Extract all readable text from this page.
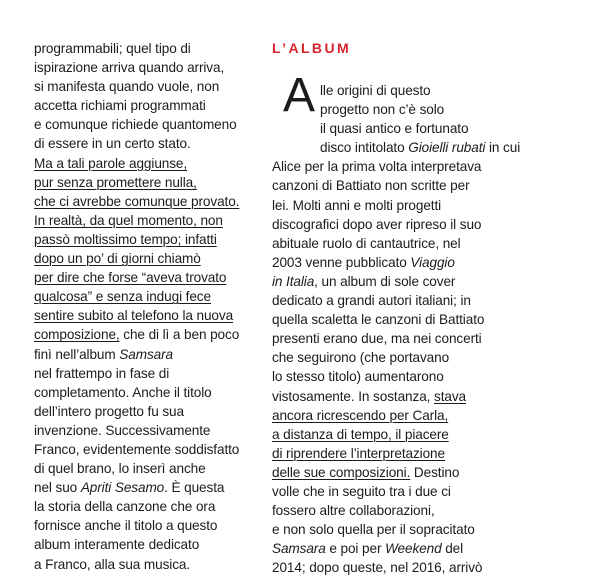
programmabili; quel tipo di
ispirazione arriva quando arriva,
si manifesta quando vuole, non
accetta richiami programmati
e comunque richiede quantomeno
di essere in un certo stato.
Ma a tali parole aggiunse,
pur senza promettere nulla,
che ci avrebbe comunque provato.
In realtà, da quel momento, non
passò moltissimo tempo; infatti
dopo un po’ di giorni chiamò
per dire che forse “aveva trovato
qualcosa” e senza indugi fece
sentire subito al telefono la nuova
composizione, che di lì a ben poco
finì nell’album Samsara
nel frattempo in fase di
completamento. Anche il titolo
dell’intero progetto fu sua
invenzione. Successivamente
Franco, evidentemente soddisfatto
di quel brano, lo inserì anche
nel suo Apriti Sesamo. È questa
la storia della canzone che ora
fornisce anche il titolo a questo
album interamente dedicato
a Franco, alla sua musica.
L’ALBUM
A lle origini di questo
progetto non c’è solo
il quasi antico e fortunato
disco intitolato Gioielli rubati in cui
Alice per la prima volta interpretava
canzoni di Battiato non scritte per
lei. Molti anni e molti progetti
discografici dopo aver ripreso il suo
abituale ruolo di cantautrice, nel
2003 venne pubblicato Viaggio
in Italia, un album di sole cover
dedicato a grandi autori italiani; in
quella scaletta le canzoni di Battiato
presenti erano due, ma nei concerti
che seguirono (che portavano
lo stesso titolo) aumentarono
vistosamente. In sostanza, stava
ancora ricrescendo per Carla,
a distanza di tempo, il piacere
di riprendere l’interpretazione
delle sue composizioni. Destino
volle che in seguito tra i due ci
fossero altre collaborazioni,
e non solo quella per il sopracitato
Samsara e poi per Weekend del
2014; dopo queste, nel 2016, arrivò
